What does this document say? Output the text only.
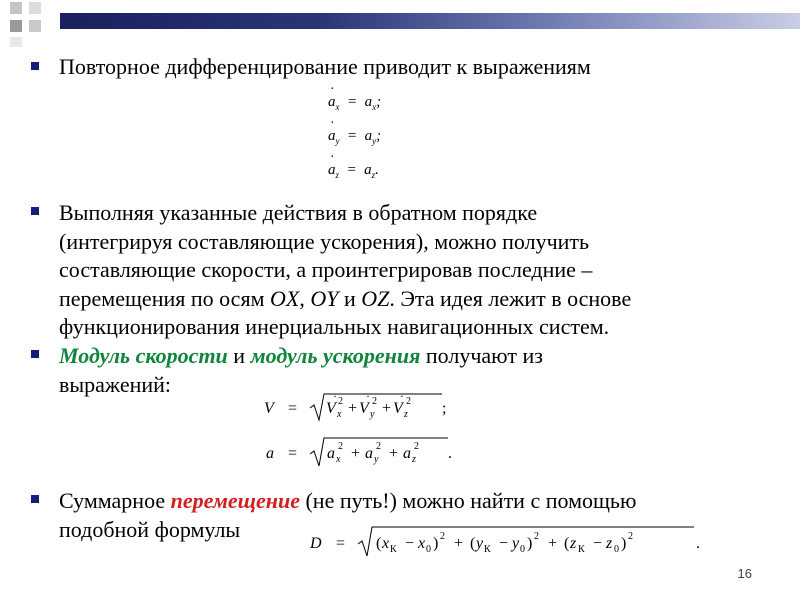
Повторное дифференцирование приводит к выражениям
· $a_x = a_x$;
· $a_y = a_y$;
· $a_z = a_z$.
Выполняя указанные действия в обратном порядке
(интегрируя составляющие ускорения), можно получить
составляющие скорости, а проинтегрировав последние –
перемещения по осям OX, OY и OZ. Эта идея лежит в основе
функционирования инерциальных навигационных систем.
Модуль скорости и модуль ускорения получают из
выражений:
V = V x
2 + V y
2 + V z
2
· ·	·
;
a = a x
2 + a y
2 + a z
2 .
Суммарное перемещение (не путь!) можно найти с помощью
подобной формулы
D = ( x К − x 0 ) 2 + ( y К − y 0 ) 2 + ( z К − z 0 ) 2	.
16
